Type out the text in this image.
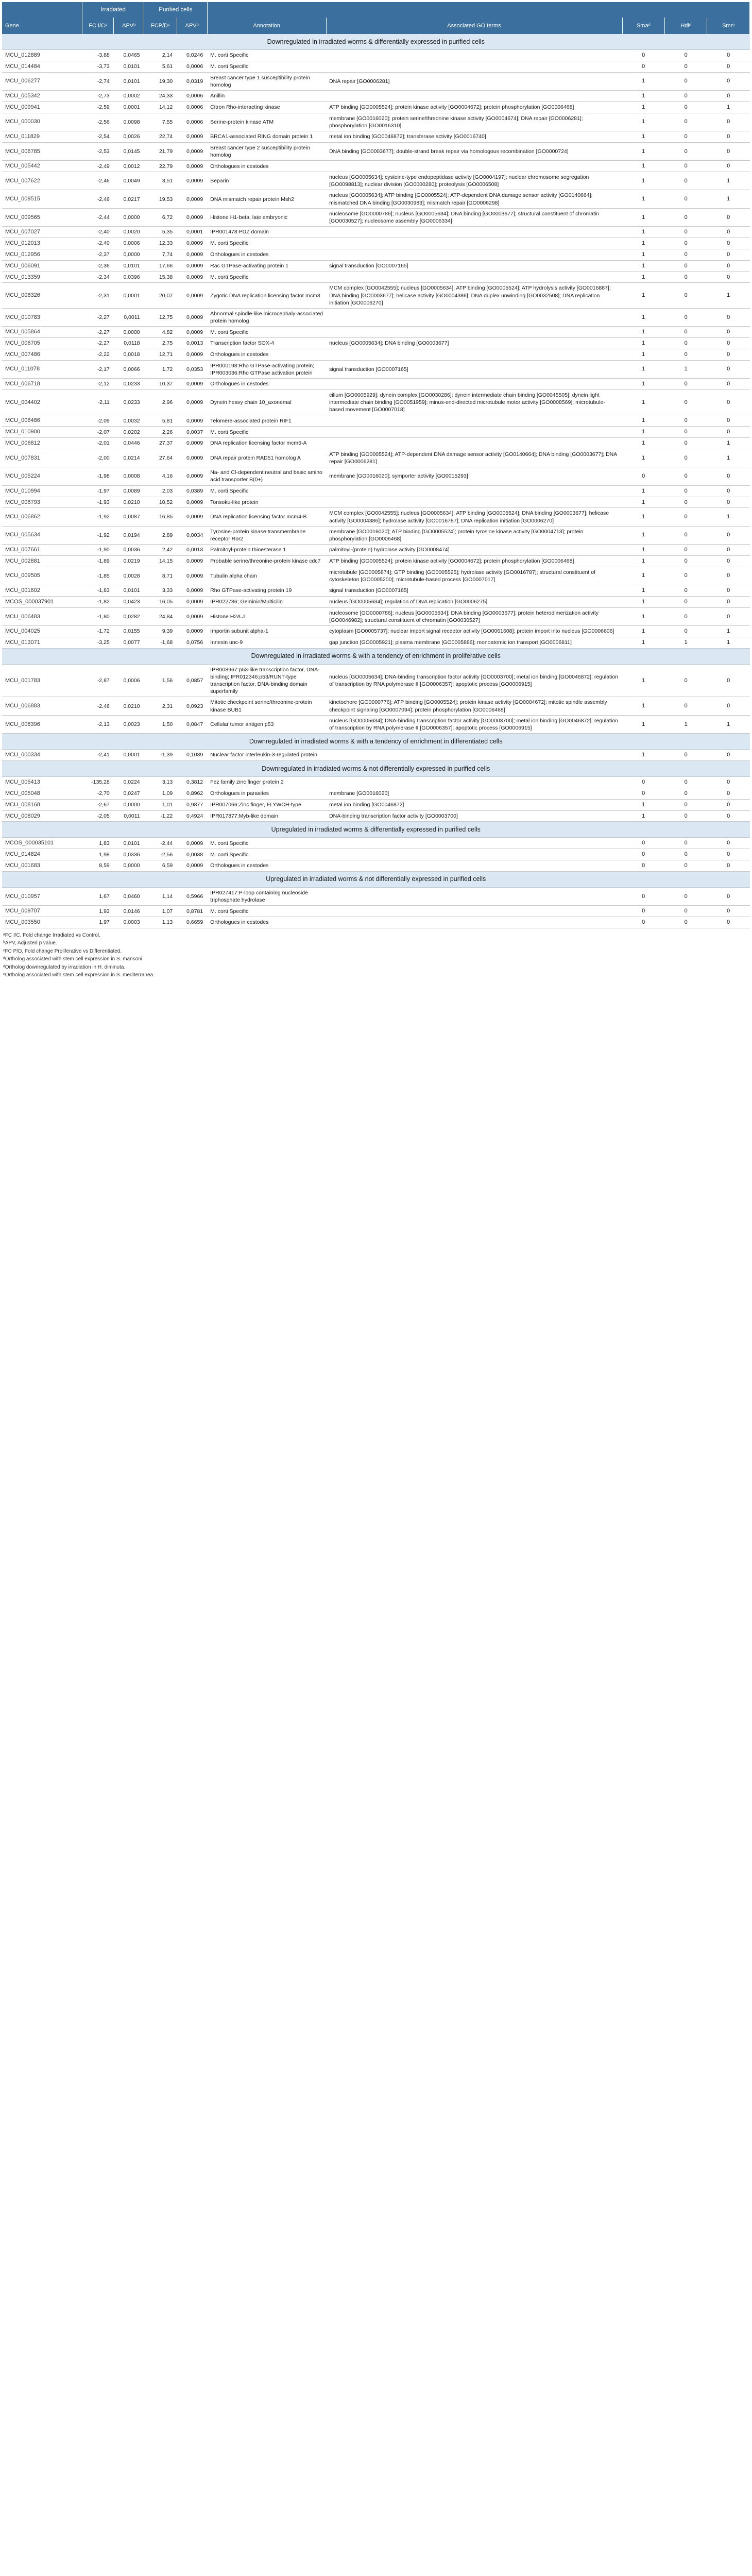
	Irradiated		Purified cells						
Gene	FC I/Cᵃ	APVᵇ	FCP/Dᶜ	APVᵇ	Annotation	Associated GO terms	Smaᵈ	Hdiᵈ	Smrᵉ
Downregulated in irradiated worms & differentially expressed in purified cells									
MCU_012889	-3,88	0,0465	2,14	0,0246	M. corti Specific		0	0	0
MCU_014484	-3,73	0,0101	5,61	0,0006	M. corti Specific		0	0	0
MCU_006277	-2,74	0,0101	19,30	0,0319	Breast cancer type 1 susceptibility protein homolog	DNA repair [GO0006281]	1	0	0
MCU_005342	-2,73	0,0002	24,33	0,0006	Anillin		1	0	0
MCU_009941	-2,59	0,0001	14,12	0,0006	Citron Rho-interacting kinase	ATP binding [GO0005524]; protein kinase activity [GO0004672]; protein phosphorylation [GO0006468]	1	0	1
MCU_000030	-2,56	0,0098	7,55	0,0006	Serine-protein kinase ATM	membrane [GO0016020]; protein serine/threonine kinase activity [GO0004674]; DNA repair [GO0006281]; phosphorylation [GO0016310]	1	0	0
MCU_011829	-2,54	0,0026	22,74	0,0009	BRCA1-associated RING domain protein 1	metal ion binding [GO0046872]; transferase activity [GO0016740]	1	0	0
MCU_006785	-2,53	0,0145	21,79	0,0009	Breast cancer type 2 susceptibility protein homolog	DNA binding [GO0003677]; double-strand break repair via homologous recombination [GO0000724]	1	0	0
MCU_005442	-2,49	0,0012	22,79	0,0009	Orthologues in cestodes		1	0	0
MCU_007622	-2,46	0,0049	3,51	0,0009	Separin	nucleus [GO0005634]; cysteine-type endopeptidase activity [GO0004197]; nuclear chromosome segregation [GO0098813]; nuclear division [GO0000280]; proteolysis [GO0006508]	1	0	1
MCU_009515	-2,46	0,0217	19,53	0,0009	DNA mismatch repair protein Msh2	nucleus [GO0005634]; ATP binding [GO0005524]; ATP-dependent DNA damage sensor activity [GO0140664]; mismatched DNA binding [GO0030983]; mismatch repair [GO0006298]	1	0	1
MCU_009565	-2,44	0,0000	6,72	0,0009	Histone H1-beta, late embryonic	nucleosome [GO0000786]; nucleus [GO0005634]; DNA binding [GO0003677]; structural constituent of chromatin [GO0030527]; nucleosome assembly [GO0006334]	1	0	0
MCU_007027	-2,40	0,0020	5,35	0,0001	IPR001478 PDZ domain		1	0	0
MCU_012013	-2,40	0,0006	12,33	0,0009	M. corti Specific		1	0	0
MCU_012956	-2,37	0,0000	7,74	0,0009	Orthologues in cestodes		1	0	0
MCU_006091	-2,36	0,0101	17,66	0,0009	Rac GTPase-activating protein 1	signal transduction [GO0007165]	1	0	0
MCU_013359	-2,34	0,0396	15,38	0,0009	M. corti Specific		1	0	0
MCU_006326	-2,31	0,0001	20,07	0,0009	Zygotic DNA replication licensing factor mcm3	MCM complex [GO0042555]; nucleus [GO0005634]; ATP binding [GO0005524]; ATP hydrolysis activity [GO0016887]; DNA binding [GO0003677]; helicase activity [GO0004386]; DNA duplex unwinding [GO0032508]; DNA replication initiation [GO0006270]	1	0	1
MCU_010783	-2,27	0,0011	12,75	0,0009	Abnormal spindle-like microcephaly-associated protein homolog		1	0	0
MCU_005864	-2,27	0,0000	4,82	0,0009	M. corti Specific		1	0	0
MCU_006705	-2,27	0,0118	2,75	0,0013	Transcription factor SOX-4	nucleus [GO0005634]; DNA binding [GO0003677]	1	0	0
MCU_007486	-2,22	0,0018	12,71	0,0009	Orthologues in cestodes		1	0	0
MCU_011078	-2,17	0,0066	1,72	0,0353	IPR000198:Rho GTPase-activating protein; IPR003036:Rho GTPase activation protein	signal transduction [GO0007165]	1	1	0
MCU_006718	-2,12	0,0233	10,37	0,0009	Orthologues in cestodes		1	0	0
MCU_004402	-2,11	0,0233	2,96	0,0009	Dynein heavy chain 10_axonemal	cilium [GO0005929]; dynein complex [GO0030286]; dynein intermediate chain binding [GO0045505]; dynein light intermediate chain binding [GO0051959]; minus-end-directed microtubule motor activity [GO0008569]; microtubule-based movement [GO0007018]	1	0	0
MCU_006486	-2,09	0,0032	5,81	0,0009	Telomere-associated protein RIF1		1	0	0
MCU_010900	-2,07	0,0202	2,26	0,0037	M. corti Specific		1	0	0
MCU_006812	-2,01	0,0446	27,37	0,0009	DNA replication licensing factor mcm5-A		1	0	1
MCU_007831	-2,00	0,0214	27,64	0,0009	DNA repair protein RAD51 homolog A	ATP binding [GO0005524]; ATP-dependent DNA damage sensor activity [GO0140664]; DNA binding [GO0003677]; DNA repair [GO0006281]	1	0	1
MCU_005224	-1,98	0,0008	4,16	0,0009	Na- and Cl-dependent neutral and basic amino acid transporter B(0+)	membrane [GO0016020]; symporter activity [GO0015293]	0	0	0
MCU_010994	-1,97	0,0089	2,03	0,0389	M. corti Specific		1	0	0
MCU_006793	-1,93	0,0210	10,52	0,0009	Tonsoku-like protein		1	0	0
MCU_006862	-1,92	0,0087	16,85	0,0009	DNA replication licensing factor mcm4-B	MCM complex [GO0042555]; nucleus [GO0005634]; ATP binding [GO0005524]; DNA binding [GO0003677]; helicase activity [GO0004386]; hydrolase activity [GO0016787]; DNA replication initiation [GO0006270]	1	0	1
MCU_005634	-1,92	0,0194	2,89	0,0034	Tyrosine-protein kinase transmembrane receptor Ror2	membrane [GO0016020]; ATP binding [GO0005524]; protein tyrosine kinase activity [GO0004713]; protein phosphorylation [GO0006468]	1	0	0
MCU_007661	-1,90	0,0036	2,42	0,0013	Palmitoyl-protein thioesterase 1	palmitoyl-(protein) hydrolase activity [GO0008474]	1	0	0
MCU_002881	-1,89	0,0219	14,15	0,0009	Probable serine/threonine-protein kinase cdc7	ATP binding [GO0005524]; protein kinase activity [GO0004672]; protein phosphorylation [GO0006468]	1	0	0
MCU_009505	-1,85	0,0028	8,71	0,0009	Tubulin alpha chain	microtubule [GO0005874]; GTP binding [GO0005525]; hydrolase activity [GO0016787]; structural constituent of cytoskeleton [GO0005200]; microtubule-based process [GO0007017]	1	0	0
MCU_001602	-1,83	0,0101	3,33	0,0009	Rho GTPase-activating protein 19	signal transduction [GO0007165]	1	0	0
MCOS_000037901	-1,82	0,0423	16,05	0,0009	IPR022786; Geminin/Multicilin	nucleus [GO0005634]; regulation of DNA replication [GO0006275]	1	0	0
MCU_006483	-1,80	0,0282	24,84	0,0009	Histone H2A.J	nucleosome [GO0000786]; nucleus [GO0005634]; DNA binding [GO0003677]; protein heterodimerization activity [GO0046982]; structural constituent of chromatin [GO0030527]	1	0	0
MCU_004025	-1,72	0,0155	9,39	0,0009	Importin subunit alpha-1	cytoplasm [GO0005737]; nuclear import signal receptor activity [GO0061608]; protein import into nucleus [GO0006606]	1	0	1
MCU_013071	-3,25	0,0077	-1,68	0,0756	Innexin unc-9	gap junction [GO0005921]; plasma membrane [GO0005886]; monoatomic ion transport [GO0006811]	1	1	1
Downregulated in irradiated worms & with a tendency of enrichment in proliferative cells									
MCU_001783	-2,87	0,0006	1,56	0,0857	IPR008967:p53-like transcription factor, DNA-binding; IPR012346:p53/RUNT-type transcription factor, DNA-binding domain superfamily	nucleus [GO0005634]; DNA-binding transcription factor activity [GO0003700]; metal ion binding [GO0046872]; regulation of transcription by RNA polymerase II [GO0006357]; apoptotic process [GO0006915]	1	0	0
MCU_006883	-2,46	0,0210	2,31	0,0923	Mitotic checkpoint serine/threonine-protein kinase BUB1	kinetochore [GO0000776]; ATP binding [GO0005524]; protein kinase activity [GO0004672]; mitotic spindle assembly checkpoint signaling [GO0007094]; protein phosphorylation [GO0006468]	1	0	0
MCU_008396	-2,13	0,0023	1,50	0,0847	Cellular tumor antigen p53	nucleus [GO0005634]; DNA-binding transcription factor activity [GO0003700]; metal ion binding [GO0046872]; regulation of transcription by RNA polymerase II [GO0006357]; apoptotic process [GO0006915]	1	1	1
Downregulated in irradiated worms & with a tendency of enrichment in differentiated cells									
MCU_000334	-2,41	0,0001	-1,39	0,1039	Nuclear factor interleukin-3-regulated protein		1	0	0
Downregulated in irradiated worms & not differentially expressed in purified cells									
MCU_005413	-135,28	0,0224	3,13	0,3812	Fez family zinc finger protein 2		0	0	0
MCU_005048	-2,70	0,0247	1,09	0,8962	Orthologues in parasites	membrane [GO0016020]	0	0	0
MCU_008168	-2,67	0,0000	1,01	0,9877	IPR007066:Zinc finger, FLYWCH-type	metal ion binding [GO0046872]	1	0	0
MCU_008029	-2,05	0,0011	-1,22	0,4924	IPR017877:Myb-like domain	DNA-binding transcription factor activity [GO0003700]	1	0	0
Upregulated in irradiated worms & differentially expressed in purified cells									
MCOS_000035101	1,83	0,0101	-2,44	0,0009	M. corti Specific		0	0	0
MCU_014824	1,98	0,0336	-2,56	0,0038	M. corti Specific		0	0	0
MCU_001683	8,59	0,0000	6,59	0,0009	Orthologues in cestodes		0	0	0
Upregulated in irradiated worms & not differentially expressed in purified cells									
MCU_010957	1,67	0,0460	1,14	0,5966	IPR027417:P-loop containing nucleoside triphosphate hydrolase		0	0	0
MCU_009707	1,93	0,0146	1,07	0,8781	M. corti Specific		0	0	0
MCU_003550	1,97	0,0003	1,13	0,6659	Orthologues in cestodes		0	0	0
ᵃFC I/C, Fold change Irradiated vs Control.
ᵇAPV, Adjusted p value.
ᶜFC P/D, Fold change Proliferative vs Differentiated.
ᵈOrtholog associated with stem cell expression in S. mansoni.
ᵈOrtholog downregulated by irradiation in H. diminuta.
ᵉOrtholog associated with stem cell expression in S. mediterranea.
